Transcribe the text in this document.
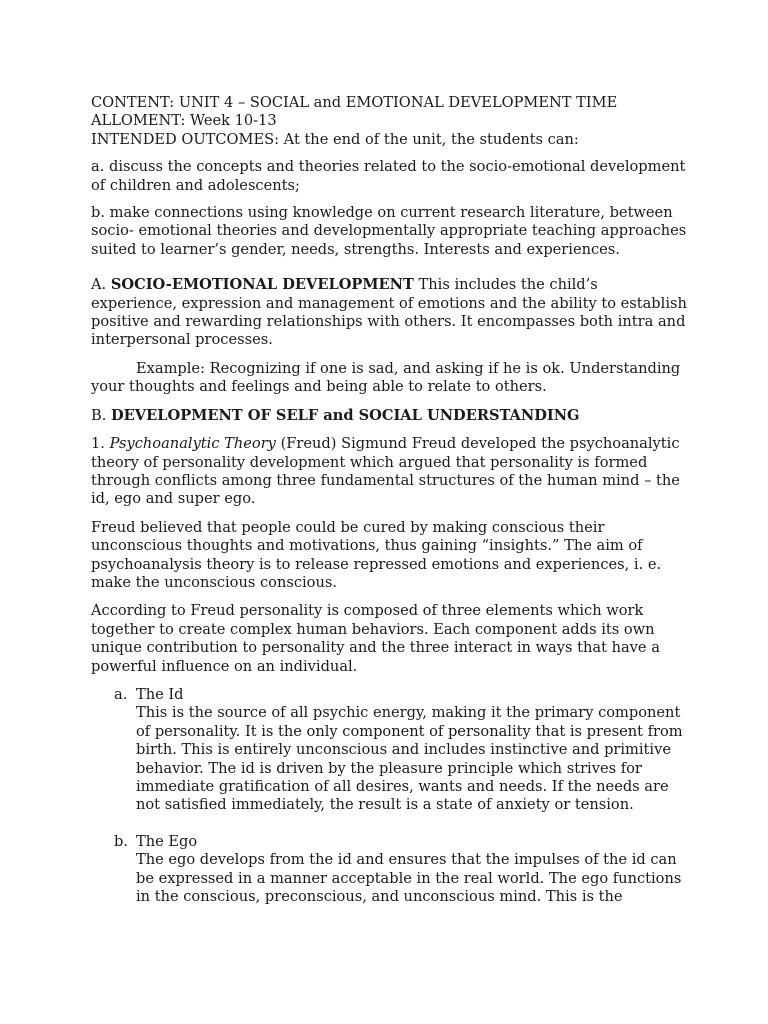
CONTENT: UNIT 4 – SOCIAL and EMOTIONAL DEVELOPMENT TIME

ALLOMENT: Week 10-13

INTENDED OUTCOMES: At the end of the unit, the students can:

a. discuss the concepts and theories related to the socio-emotional development of children and adolescents;

b. make connections using knowledge on current research literature, between socio- emotional theories and developmentally appropriate teaching approaches suited to learner’s gender, needs, strengths. Interests and experiences.

A. SOCIO-EMOTIONAL DEVELOPMENT This includes the child’s experience, expression and management of emotions and the ability to establish positive and rewarding relationships with others. It encompasses both intra and interpersonal processes.

Example: Recognizing if one is sad, and asking if he is ok. Understanding your thoughts and feelings and being able to relate to others.

B. DEVELOPMENT OF SELF and SOCIAL UNDERSTANDING

1. Psychoanalytic Theory (Freud) Sigmund Freud developed the psychoanalytic theory of personality development which argued that personality is formed through conflicts among three fundamental structures of the human mind – the id, ego and super ego.

Freud believed that people could be cured by making conscious their unconscious thoughts and motivations, thus gaining “insights.” The aim of psychoanalysis theory is to release repressed emotions and experiences, i. e. make the unconscious conscious.

According to Freud personality is composed of three elements which work together to create complex human behaviors. Each component adds its own unique contribution to personality and the three interact in ways that have a powerful influence on an individual.

a. The Id
This is the source of all psychic energy, making it the primary component of personality. It is the only component of personality that is present from birth. This is entirely unconscious and includes instinctive and primitive behavior. The id is driven by the pleasure principle which strives for immediate gratification of all desires, wants and needs. If the needs are not satisfied immediately, the result is a state of anxiety or tension.
b. The Ego
The ego develops from the id and ensures that the impulses of the id can be expressed in a manner acceptable in the real world. The ego functions in the conscious, preconscious, and unconscious mind. This is the
